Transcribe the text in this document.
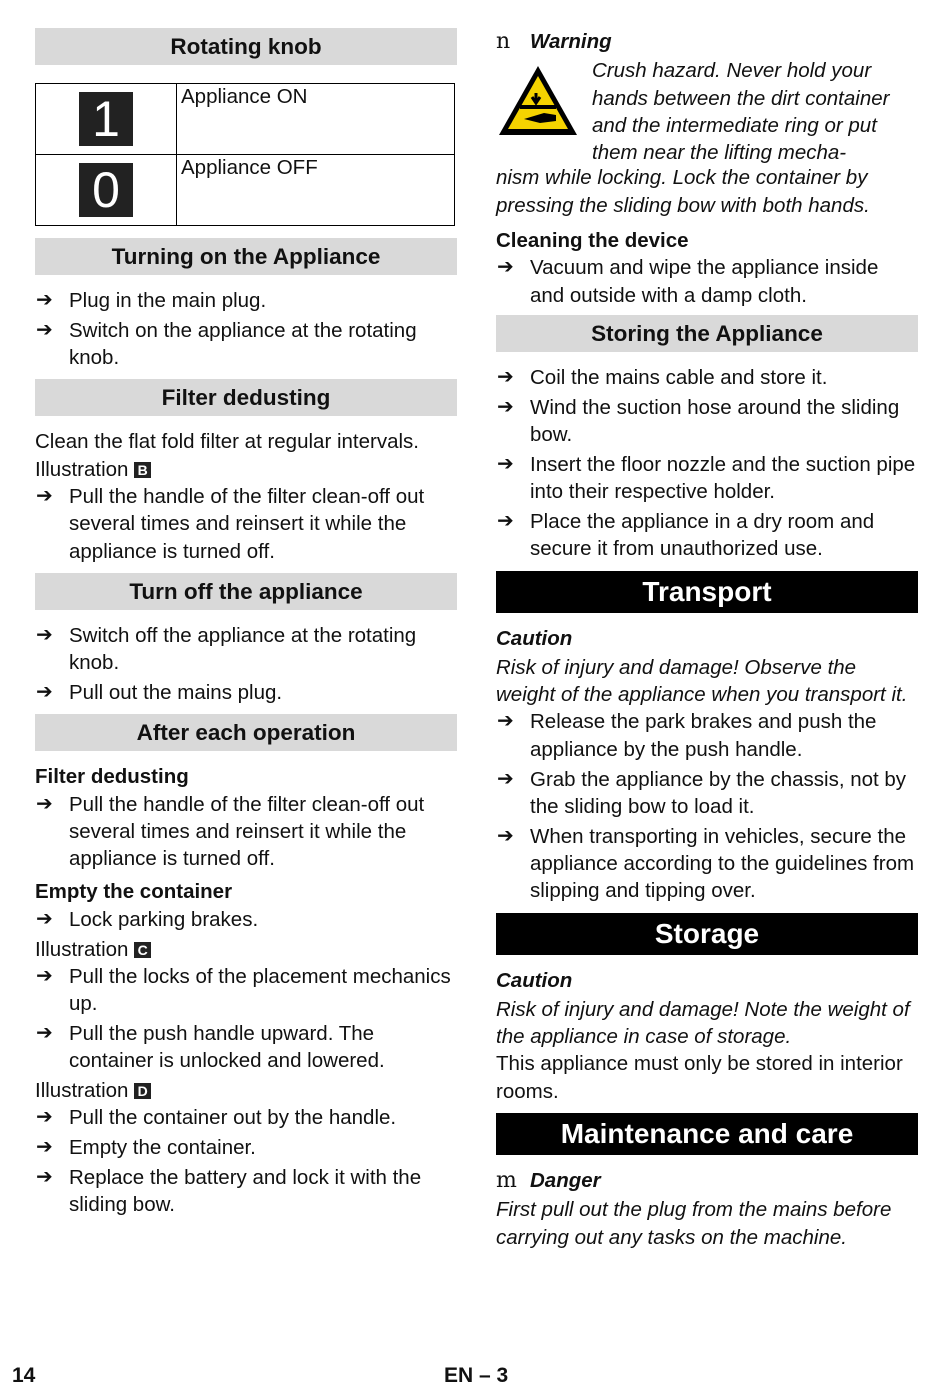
Rotating knob
1	Appliance ON
0	Appliance OFF
Turning on the Appliance
➔ Plug in the main plug.
➔ Switch on the appliance at the rotating knob.
Filter dedusting

Clean the flat fold filter at regular intervals.

Illustration B

➔ Pull the handle of the filter clean-off out several times and reinsert it while the appliance is turned off.
Turn off the appliance
➔ Switch off the appliance at the rotating knob.
➔ Pull out the mains plug.
After each operation

Filter dedusting

➔ Pull the handle of the filter clean-off out several times and reinsert it while the appliance is turned off.

Empty the container

➔ Lock parking brakes.

Illustration C

➔ Pull the locks of the placement mechanics up.
➔ Pull the push handle upward. The container is unlocked and lowered.

Illustration D

➔ Pull the container out by the handle.
➔ Empty the container.
➔ Replace the battery and lock it with the sliding bow.

n Warning

Crush hazard. Never hold your hands between the dirt container and the intermediate ring or put them near the lifting mecha-

nism while locking. Lock the container by pressing the sliding bow with both hands.

Cleaning the device

➔ Vacuum and wipe the appliance inside and outside with a damp cloth.
Storing the Appliance
➔ Coil the mains cable and store it.
➔ Wind the suction hose around the sliding bow.
➔ Insert the floor nozzle and the suction pipe into their respective holder.
➔ Place the appliance in a dry room and secure it from unauthorized use.
Transport

Caution

Risk of injury and damage! Observe the weight of the appliance when you transport it.

➔ Release the park brakes and push the appliance by the push handle.
➔ Grab the appliance by the chassis, not by the sliding bow to load it.
➔ When transporting in vehicles, secure the appliance according to the guidelines from slipping and tipping over.
Storage

Caution

Risk of injury and damage! Note the weight of the appliance in case of storage.

This appliance must only be stored in interior rooms.

Maintenance and care

m Danger

First pull out the plug from the mains before carrying out any tasks on the machine.

14	EN – 3
